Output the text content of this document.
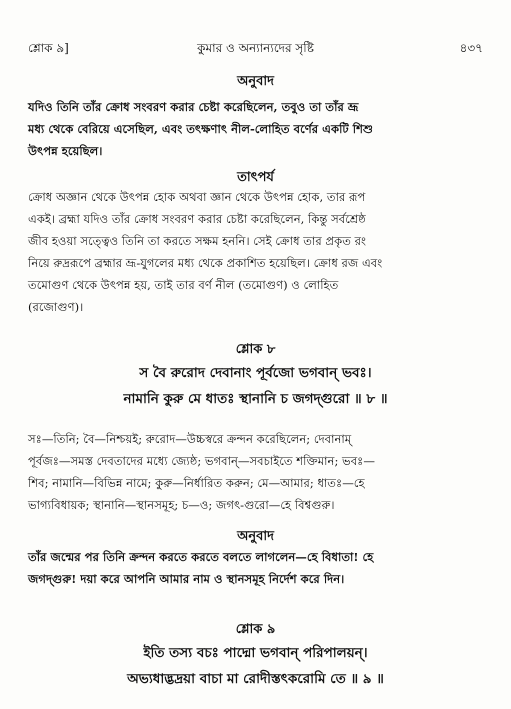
শ্লোক ৯]	কুমার ও অন্যান্যদের সৃষ্টি	৪৩৭
অনুবাদ
যদিও তিনি তাঁর ক্রোধ সংবরণ করার চেষ্টা করেছিলেন, তবুও তা তাঁর ভ্রূ
মধ্য থেকে বেরিয়ে এসেছিল, এবং তৎক্ষণাৎ নীল-লোহিত বর্ণের একটি শিশু
উৎপন্ন হয়েছিল।
তাৎপর্য
ক্রোধ অজ্ঞান থেকে উৎপন্ন হোক অথবা জ্ঞান থেকে উৎপন্ন হোক, তার রূপ
একই। ব্রহ্মা যদিও তাঁর ক্রোধ সংবরণ করার চেষ্টা করেছিলেন, কিন্তু সর্বশ্রেষ্ঠ
জীব হওয়া সত্ত্বেও তিনি তা করতে সক্ষম হননি। সেই ক্রোধ তার প্রকৃত রং
নিয়ে রুদ্ররূপে ব্রহ্মার ভ্রূ-যুগলের মধ্য থেকে প্রকাশিত হয়েছিল। ক্রোধ রজ এবং
তমোগুণ থেকে উৎপন্ন হয়, তাই তার বর্ণ নীল (তমোগুণ) ও লোহিত
(রজোগুণ)।
শ্লোক ৮
স বৈ রুরোদ দেবানাং পূর্বজো ভগবান্ ভবঃ।
নামানি কুরু মে ধাতঃ স্থানানি চ জগদ্‌গুরো ॥ ৮ ॥
সঃ—তিনি; বৈ—নিশ্চয়ই; রুরোদ—উচ্চস্বরে ক্রন্দন করেছিলেন; দেবানাম্
পূর্বজঃ—সমস্ত দেবতাদের মধ্যে জ্যেষ্ঠ; ভগবান্—সবচাইতে শক্তিমান; ভবঃ—
শিব; নামানি—বিভিন্ন নামে; কুরু—নির্ধারিত করুন; মে—আমার; ধাতঃ—হে
ভাগ্যবিধায়ক; স্থানানি—স্থানসমূহ; চ—ও; জগৎ-গুরো—হে বিশ্বগুরু।
অনুবাদ
তাঁর জন্মের পর তিনি ক্রন্দন করতে করতে বলতে লাগলেন—হে বিধাতা! হে
জগদ্‌গুরু! দয়া করে আপনি আমার নাম ও স্থানসমূহ নির্দেশ করে দিন।
শ্লোক ৯
ইতি তস্য বচঃ পাদ্মো ভগবান্ পরিপালয়ন্।
অভ্যধাদ্ভদ্রয়া বাচা মা রোদীস্তৎকরোমি তে ॥ ৯ ॥
